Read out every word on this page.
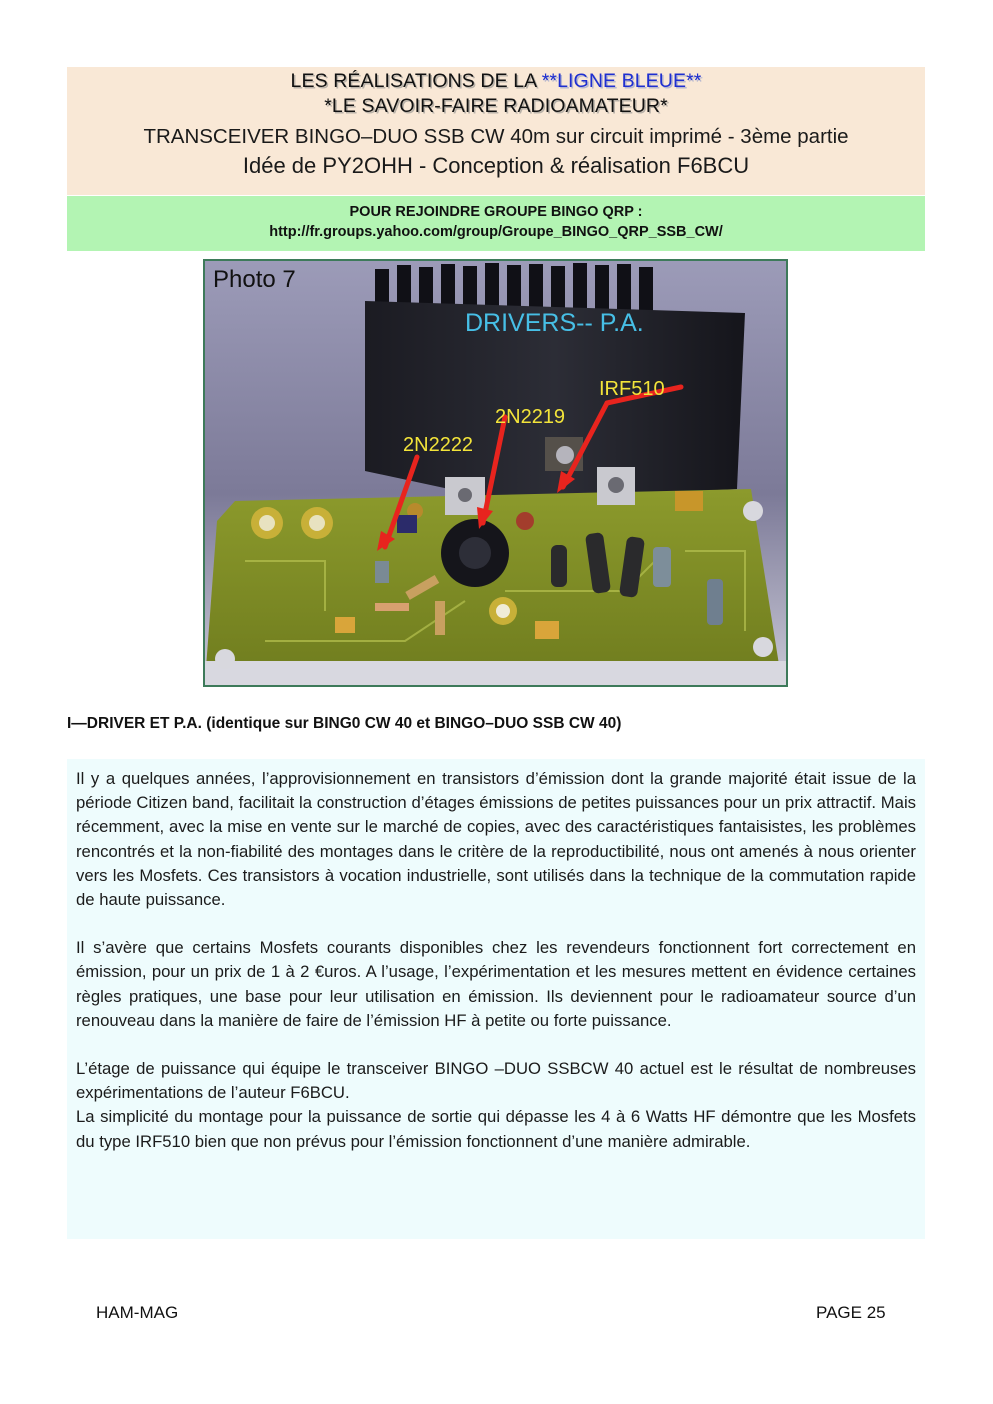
LES RÉALISATIONS DE LA **LIGNE BLEUE**
*LE SAVOIR-FAIRE RADIOAMATEUR*
TRANSCEIVER BINGO–DUO SSB CW 40m sur circuit imprimé - 3ème partie
Idée de PY2OHH - Conception & réalisation F6BCU
POUR REJOINDRE GROUPE BINGO QRP :
http://fr.groups.yahoo.com/group/Groupe_BINGO_QRP_SSB_CW/
Photo 7
DRIVERS-- P.A.
2N2222
2N2219
IRF510
I—DRIVER ET P.A. (identique sur BING0 CW 40 et BINGO–DUO SSB CW 40)

Il y a quelques années, l’approvisionnement en transistors d’émission dont la grande majorité était issue de la période Citizen band, facilitait la construction d’étages émissions de petites puissances pour un prix attractif. Mais récemment, avec la mise en vente sur le marché de copies, avec des caractéristiques fantaisistes, les problèmes rencontrés et la non-fiabilité des montages dans le critère de la reproductibilité, nous ont amenés à nous orienter vers les Mosfets. Ces transistors à vocation industrielle, sont utilisés dans la technique de la commutation rapide de haute puissance.

Il s’avère que certains Mosfets courants disponibles chez les revendeurs fonctionnent fort correctement en émission, pour un prix de 1 à 2 €uros. A l’usage, l’expérimentation et les mesures mettent en évidence certaines règles pratiques, une base pour leur utilisation en émission. Ils deviennent pour le radioamateur source d’un renouveau dans la manière de faire de l’émission HF à petite ou forte puissance.

L’étage de puissance qui équipe le transceiver BINGO –DUO SSBCW 40 actuel est le résultat de nombreuses expérimentations de l’auteur F6BCU.

La simplicité du montage pour la puissance de sortie qui dépasse les 4 à 6 Watts HF démontre que les Mosfets du type IRF510 bien que non prévus pour l’émission fonctionnent d’une manière admirable.

HAM-MAG	PAGE 25
